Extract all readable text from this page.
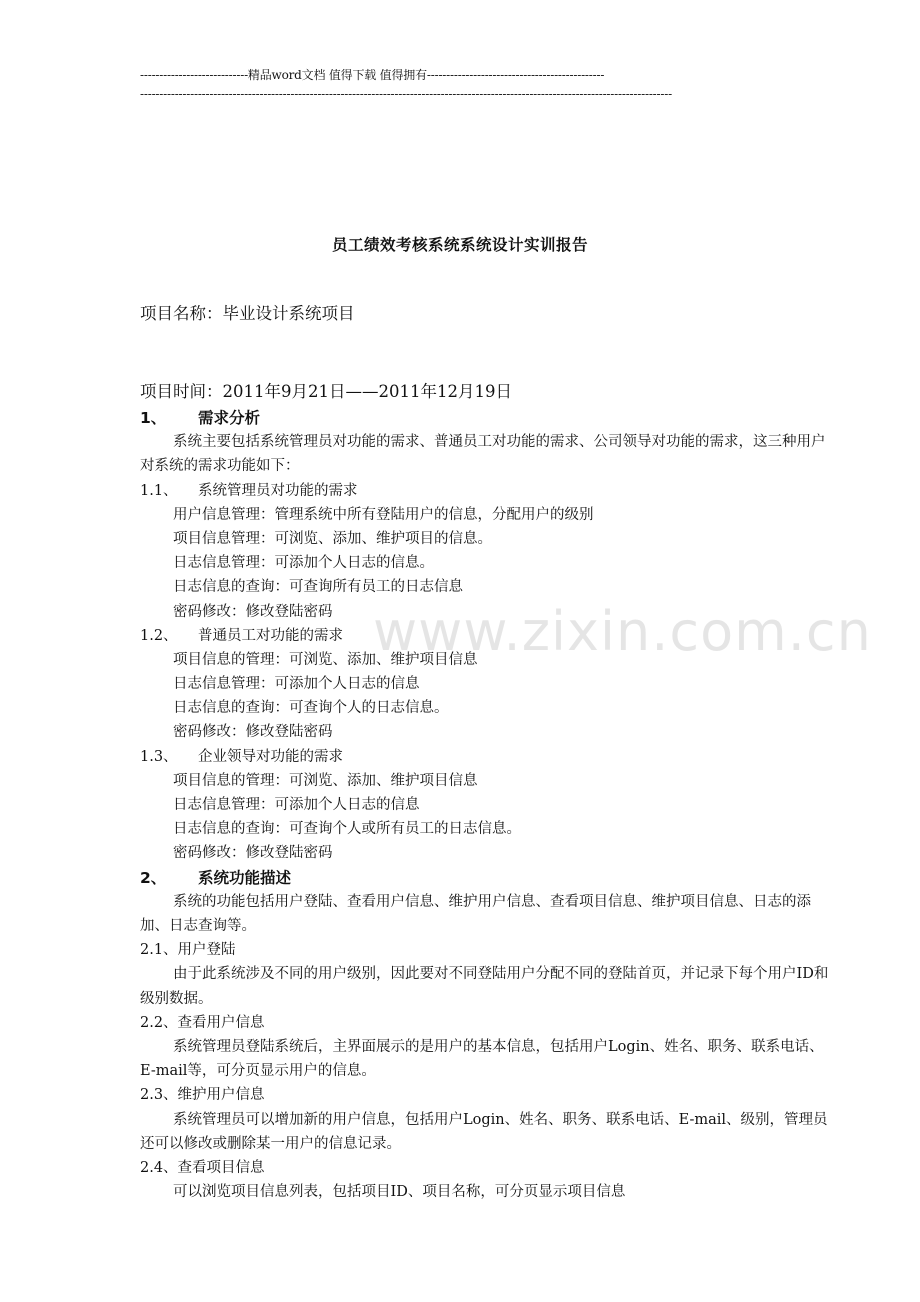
----------------------------精品word文档 值得下载 值得拥有----------------------------------------------
------------------------------------------------------------------------------------------------------------------------------------------
员工绩效考核系统系统设计实训报告
项目名称：毕业设计系统项目
项目时间：2011年9月21日——2011年12月19日
www.zixin.com.cn
1、 需求分析
系统主要包括系统管理员对功能的需求、普通员工对功能的需求、公司领导对功能的需求，这三种用户对系统的需求功能如下：
1.1、 系统管理员对功能的需求
用户信息管理：管理系统中所有登陆用户的信息，分配用户的级别
项目信息管理：可浏览、添加、维护项目的信息。
日志信息管理：可添加个人日志的信息。
日志信息的查询：可查询所有员工的日志信息
密码修改：修改登陆密码
1.2、 普通员工对功能的需求
项目信息的管理：可浏览、添加、维护项目信息
日志信息管理：可添加个人日志的信息
日志信息的查询：可查询个人的日志信息。
密码修改：修改登陆密码
1.3、 企业领导对功能的需求
项目信息的管理：可浏览、添加、维护项目信息
日志信息管理：可添加个人日志的信息
日志信息的查询：可查询个人或所有员工的日志信息。
密码修改：修改登陆密码
2、 系统功能描述
系统的功能包括用户登陆、查看用户信息、维护用户信息、查看项目信息、维护项目信息、日志的添加、日志查询等。
2.1、用户登陆
由于此系统涉及不同的用户级别，因此要对不同登陆用户分配不同的登陆首页，并记录下每个用户ID和级别数据。
2.2、查看用户信息
系统管理员登陆系统后，主界面展示的是用户的基本信息，包括用户Login、姓名、职务、联系电话、E-mail等，可分页显示用户的信息。
2.3、维护用户信息
系统管理员可以增加新的用户信息，包括用户Login、姓名、职务、联系电话、E-mail、级别，管理员还可以修改或删除某一用户的信息记录。
2.4、查看项目信息
可以浏览项目信息列表，包括项目ID、项目名称，可分页显示项目信息
